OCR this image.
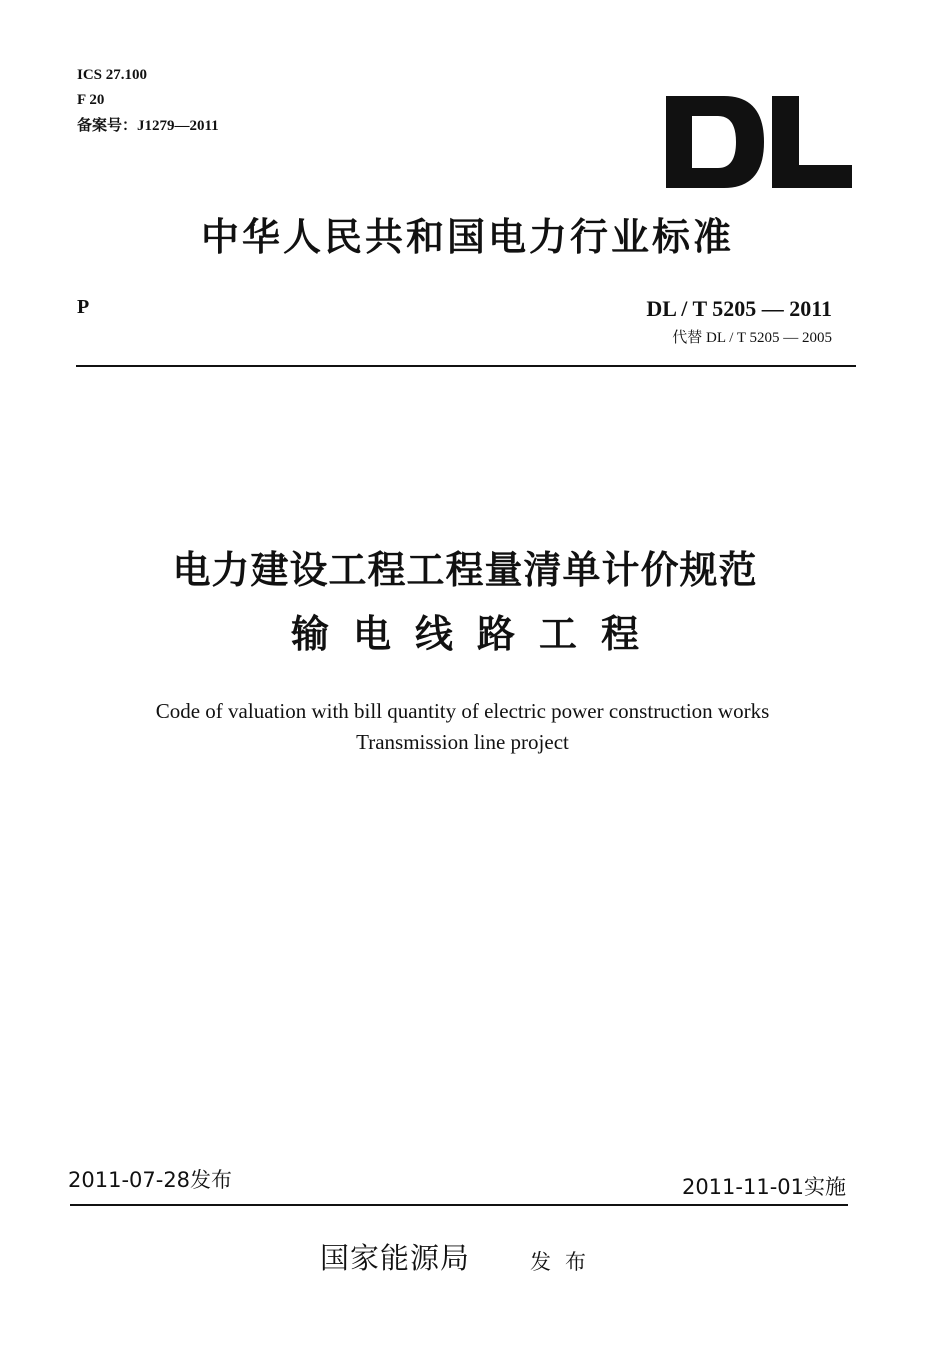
ICS 27.100

F 20

备案号：J1279—2011

中华人民共和国电力行业标准

P	DL / T 5205 — 2011

代替 DL / T 5205 — 2005

电力建设工程工程量清单计价规范
输电线路工程

Code of valuation with bill quantity of electric power construction works

Transmission line project

2011-07-28发布	2011-11-01实施

国家能源局	发布
